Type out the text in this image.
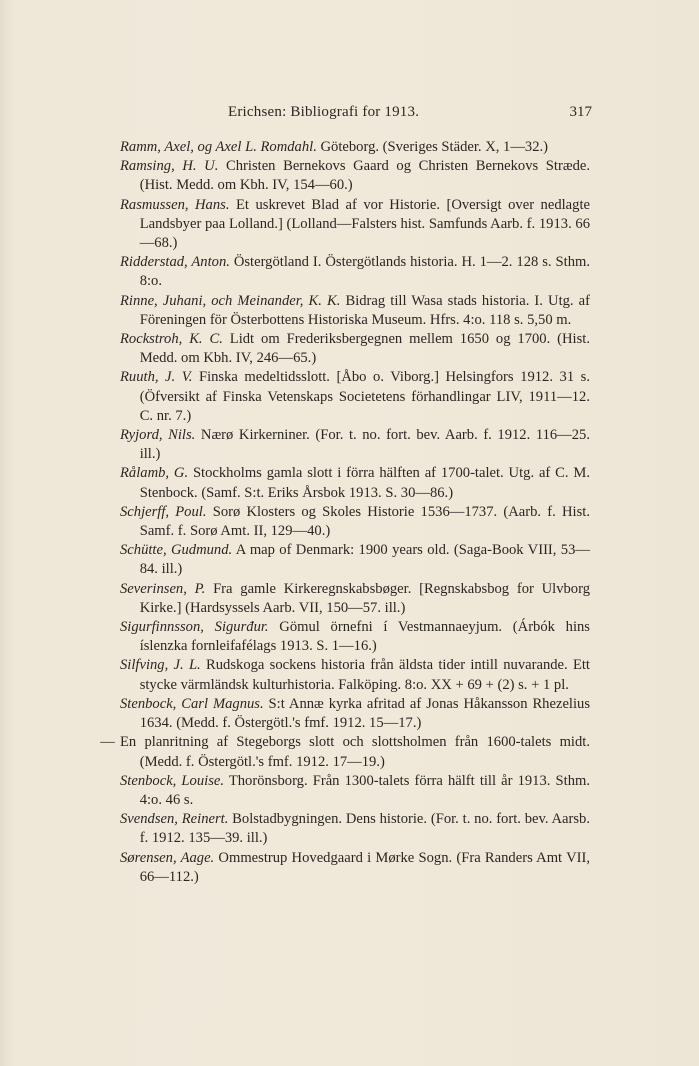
Erichsen: Bibliografi for 1913.	317

Ramm, Axel, og Axel L. Romdahl. Göteborg. (Sveriges Städer. X, 1—32.)

Ramsing, H. U. Christen Bernekovs Gaard og Christen Bernekovs Stræde. (Hist. Medd. om Kbh. IV, 154—60.)

Rasmussen, Hans. Et uskrevet Blad af vor Historie. [Oversigt over nedlagte Landsbyer paa Lolland.] (Lolland—Falsters hist. Samfunds Aarb. f. 1913. 66—68.)

Ridderstad, Anton. Östergötland I. Östergötlands historia. H. 1—2. 128 s. Sthm. 8:o.

Rinne, Juhani, och Meinander, K. K. Bidrag till Wasa stads historia. I. Utg. af Föreningen för Österbottens Historiska Museum. Hfrs. 4:o. 118 s. 5,50 m.

Rockstroh, K. C. Lidt om Frederiksbergegnen mellem 1650 og 1700. (Hist. Medd. om Kbh. IV, 246—65.)

Ruuth, J. V. Finska medeltidsslott. [Åbo o. Viborg.] Helsingfors 1912. 31 s. (Öfversikt af Finska Vetenskaps Societetens förhandlingar LIV, 1911—12. C. nr. 7.)

Ryjord, Nils. Nærø Kirkerniner. (For. t. no. fort. bev. Aarb. f. 1912. 116—25. ill.)

Rålamb, G. Stockholms gamla slott i förra hälften af 1700-talet. Utg. af C. M. Stenbock. (Samf. S:t. Eriks Årsbok 1913. S. 30—86.)

Schjerff, Poul. Sorø Klosters og Skoles Historie 1536—1737. (Aarb. f. Hist. Samf. f. Sorø Amt. II, 129—40.)

Schütte, Gudmund. A map of Denmark: 1900 years old. (Saga-Book VIII, 53—84. ill.)

Severinsen, P. Fra gamle Kirkeregnskabsbøger. [Regnskabsbog for Ulvborg Kirke.] (Hardsyssels Aarb. VII, 150—57. ill.)

Sigurfinnsson, Sigurđur. Gömul örnefni í Vestmannaeyjum. (Árbók hins íslenzka fornleifafélags 1913. S. 1—16.)

Silfving, J. L. Rudskoga sockens historia från äldsta tider intill nuvarande. Ett stycke värmländsk kulturhistoria. Falköping. 8:o. XX + 69 + (2) s. + 1 pl.

Stenbock, Carl Magnus. S:t Annæ kyrka afritad af Jonas Håkansson Rhezelius 1634. (Medd. f. Östergötl.'s fmf. 1912. 15—17.)

—En planritning af Stegeborgs slott och slottsholmen från 1600-talets midt. (Medd. f. Östergötl.'s fmf. 1912. 17—19.)

Stenbock, Louise. Thorönsborg. Från 1300-talets förra hälft till år 1913. Sthm. 4:o. 46 s.

Svendsen, Reinert. Bolstadbygningen. Dens historie. (For. t. no. fort. bev. Aarsb. f. 1912. 135—39. ill.)

Sørensen, Aage. Ommestrup Hovedgaard i Mørke Sogn. (Fra Randers Amt VII, 66—112.)
